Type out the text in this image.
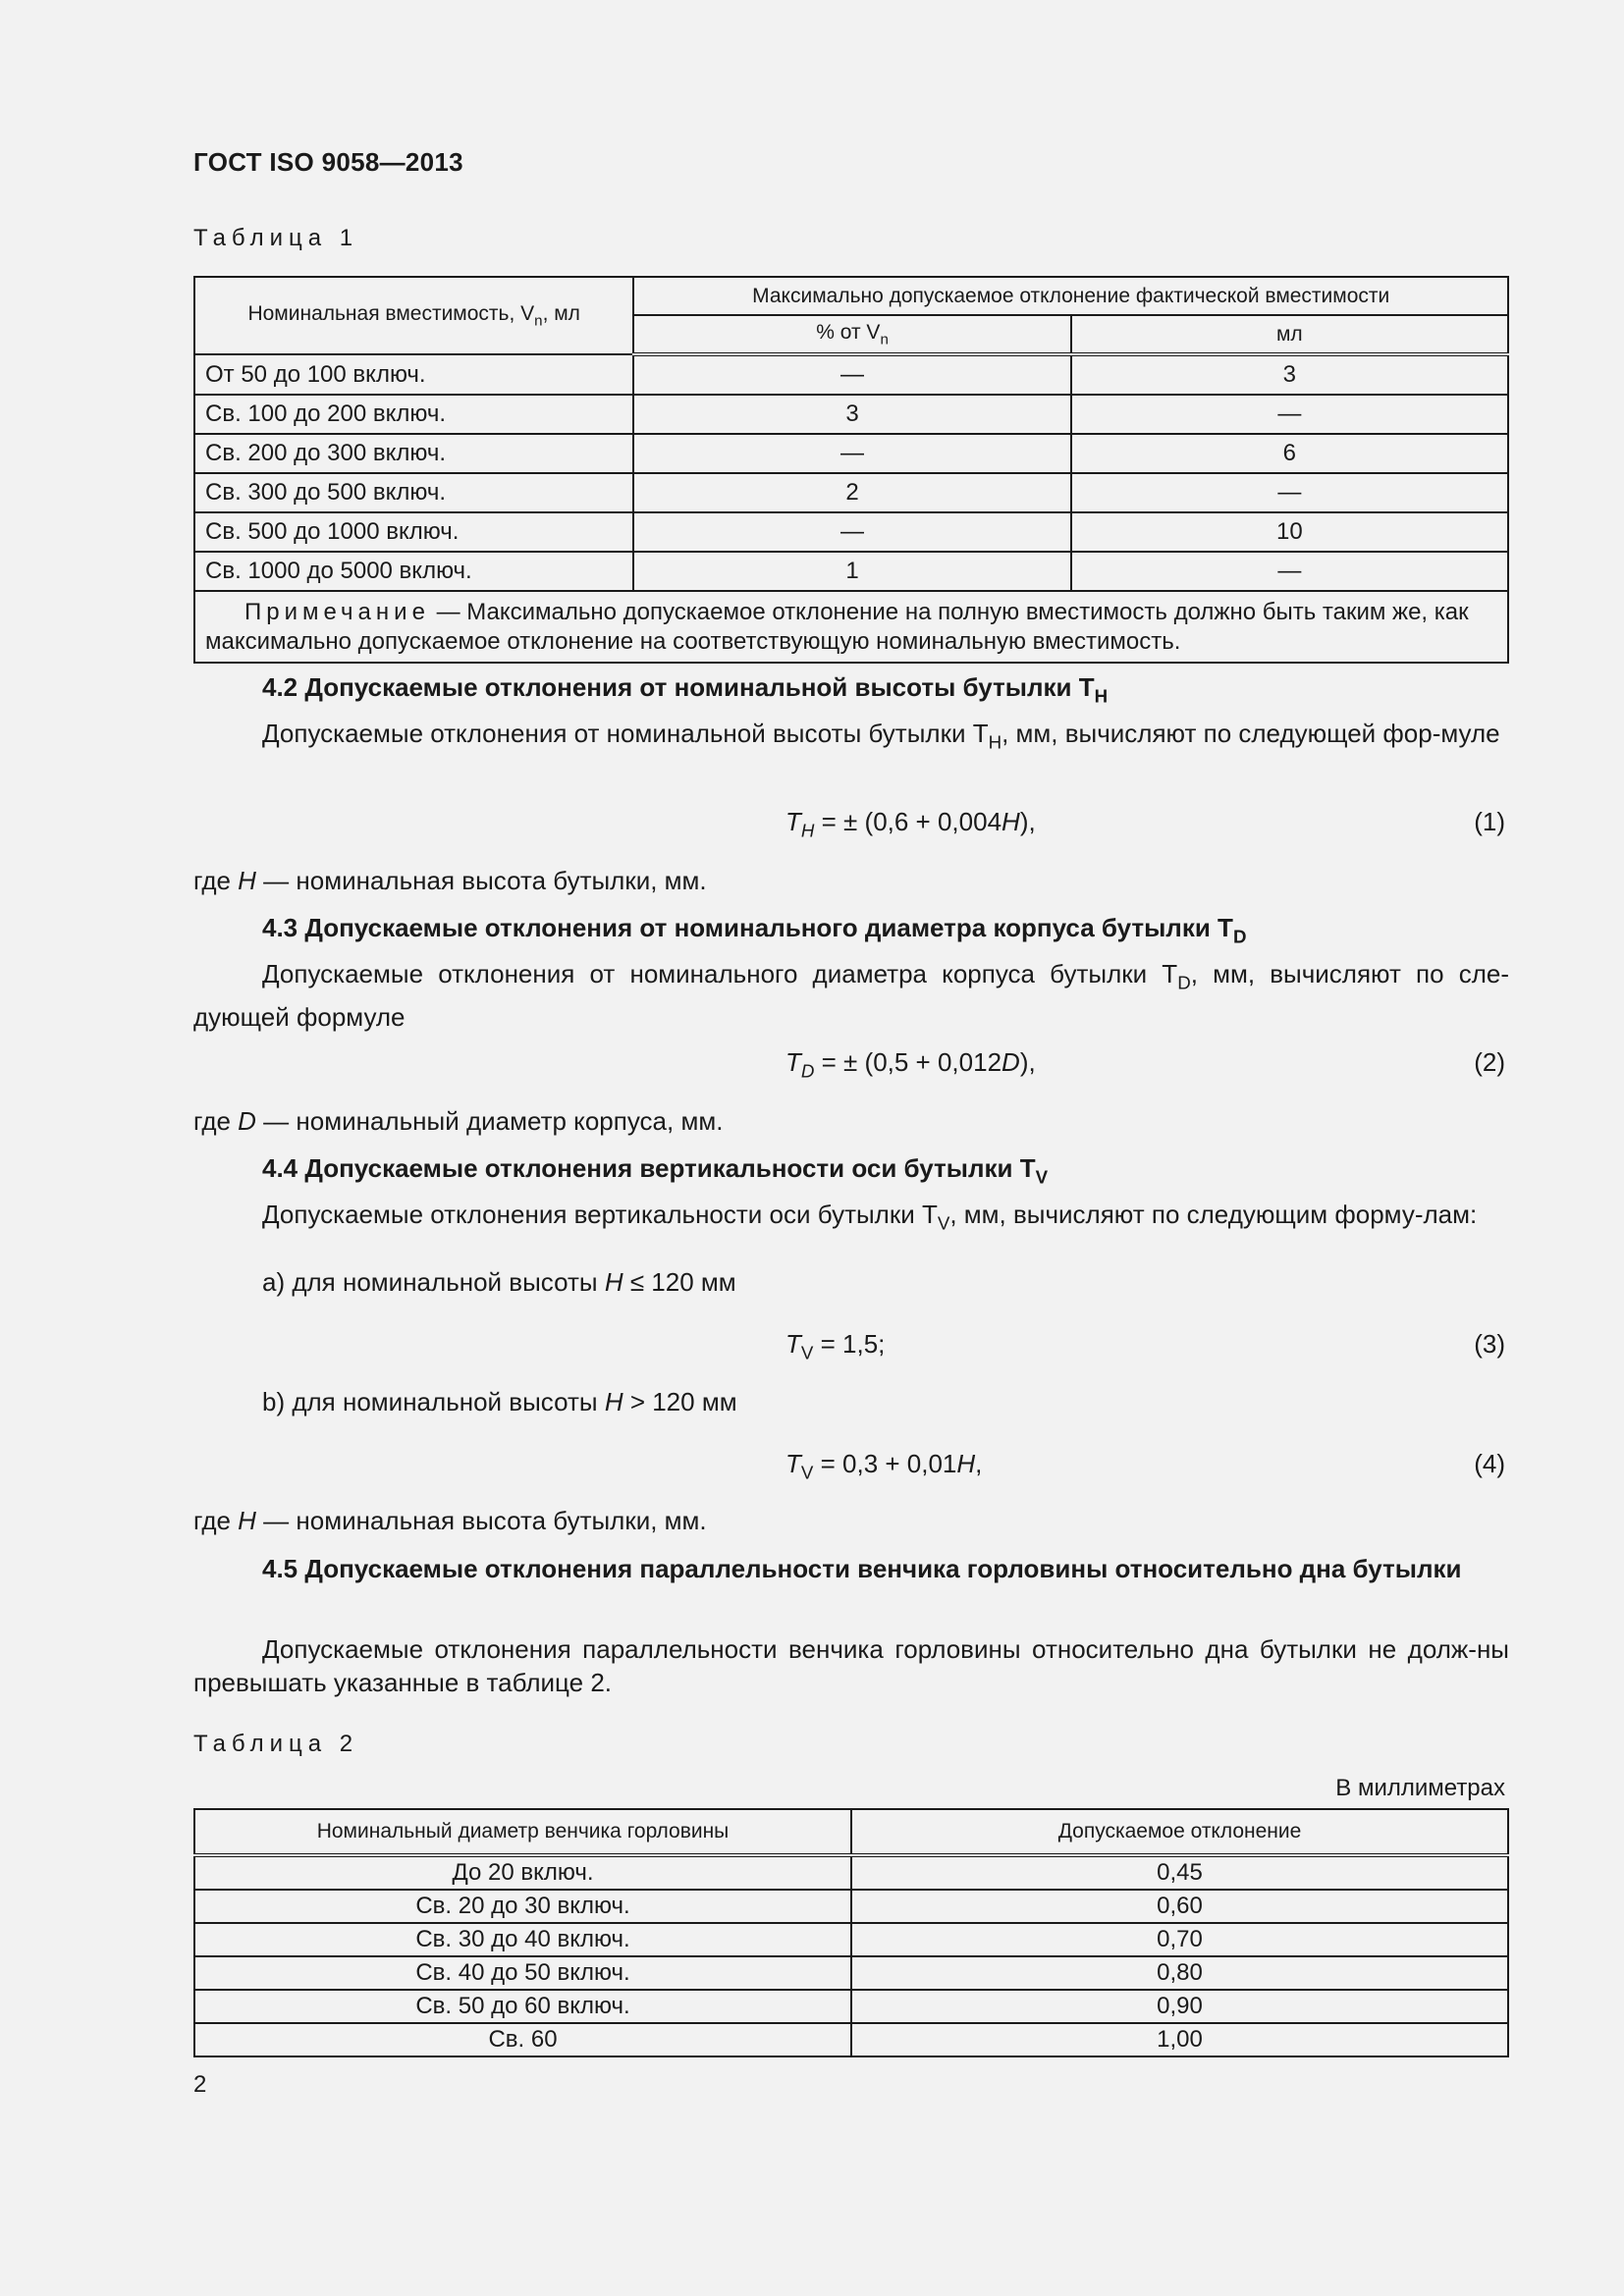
ГОСТ ISO 9058—2013
Таблица 1
Номинальная вместимость, $V_n$, мл	Максимально допускаемое отклонение фактической вместимости	
	% от $V_n$	мл
От 50 до 100 включ.	—	3
Св. 100 до 200 включ.	3	—
Св. 200 до 300 включ.	—	6
Св. 300 до 500 включ.	2	—
Св. 500 до 1000 включ.	—	10
Св. 1000 до 5000 включ.	1	—
Примечание — Максимально допускаемое отклонение на полную вместимость должно быть таким же, как максимально допускаемое отклонение на соответствующую номинальную вместимость.		
4.2 Допускаемые отклонения от номинальной высоты бутылки $T_H$
Допускаемые отклонения от номинальной высоты бутылки $T_H$, мм, вычисляют по следующей фор-муле
$T_H$ = ± (0,6 + 0,004H),	(1)
где H — номинальная высота бутылки, мм.
4.3 Допускаемые отклонения от номинального диаметра корпуса бутылки $T_D$
Допускаемые отклонения от номинального диаметра корпуса бутылки $T_D$, мм, вычисляют по сле-дующей формуле
$T_D$ = ± (0,5 + 0,012D),	(2)
где D — номинальный диаметр корпуса, мм.
4.4 Допускаемые отклонения вертикальности оси бутылки $T_V$
Допускаемые отклонения вертикальности оси бутылки $T_V$, мм, вычисляют по следующим форму-лам:
a) для номинальной высоты H ≤ 120 мм
$T_V = 1,5$;	(3)
b) для номинальной высоты H > 120 мм
$T_V = 0,3 + 0,01H$,	(4)
где H — номинальная высота бутылки, мм.
4.5 Допускаемые отклонения параллельности венчика горловины относительно дна бутылки
Допускаемые отклонения параллельности венчика горловины относительно дна бутылки не долж-ны превышать указанные в таблице 2.
Таблица 2
В миллиметрах
Номинальный диаметр венчика горловины	Допускаемое отклонение
До 20 включ.	0,45
Св. 20 до 30 включ.	0,60
Св. 30 до 40 включ.	0,70
Св. 40 до 50 включ.	0,80
Св. 50 до 60 включ.	0,90
Св. 60	1,00
2
